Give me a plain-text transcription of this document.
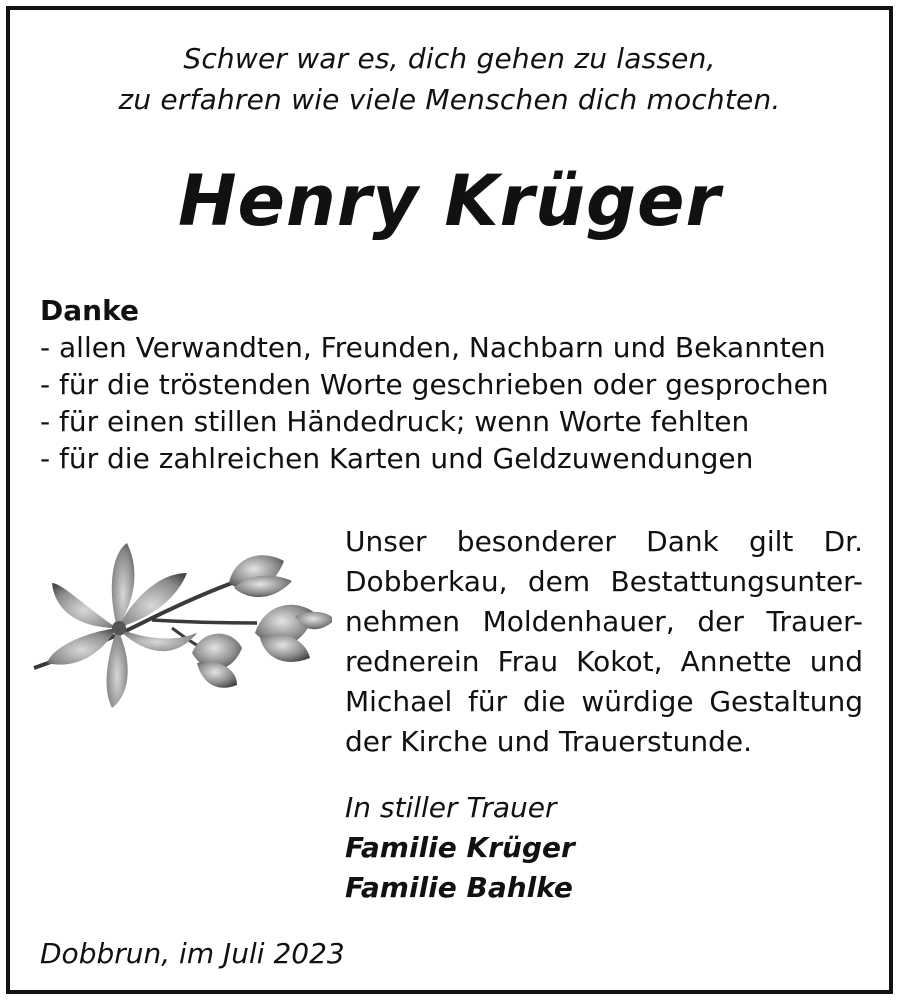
Schwer war es, dich gehen zu lassen,
zu erfahren wie viele Menschen dich mochten.
Henry Krüger
Danke
- allen Verwandten, Freunden, Nachbarn und Bekannten
- für die tröstenden Worte geschrieben oder gesprochen
- für einen stillen Händedruck; wenn Worte fehlten
- für die zahlreichen Karten und Geldzuwendungen
Unser besonderer Dank gilt Dr.
Dobberkau, dem Bestattungsunter-
nehmen Moldenhauer, der Trauer-
rednerein Frau Kokot, Annette und
Michael für die würdige Gestaltung
der Kirche und Trauerstunde.
In stiller Trauer
Familie Krüger
Familie Bahlke
Dobbrun, im Juli 2023
